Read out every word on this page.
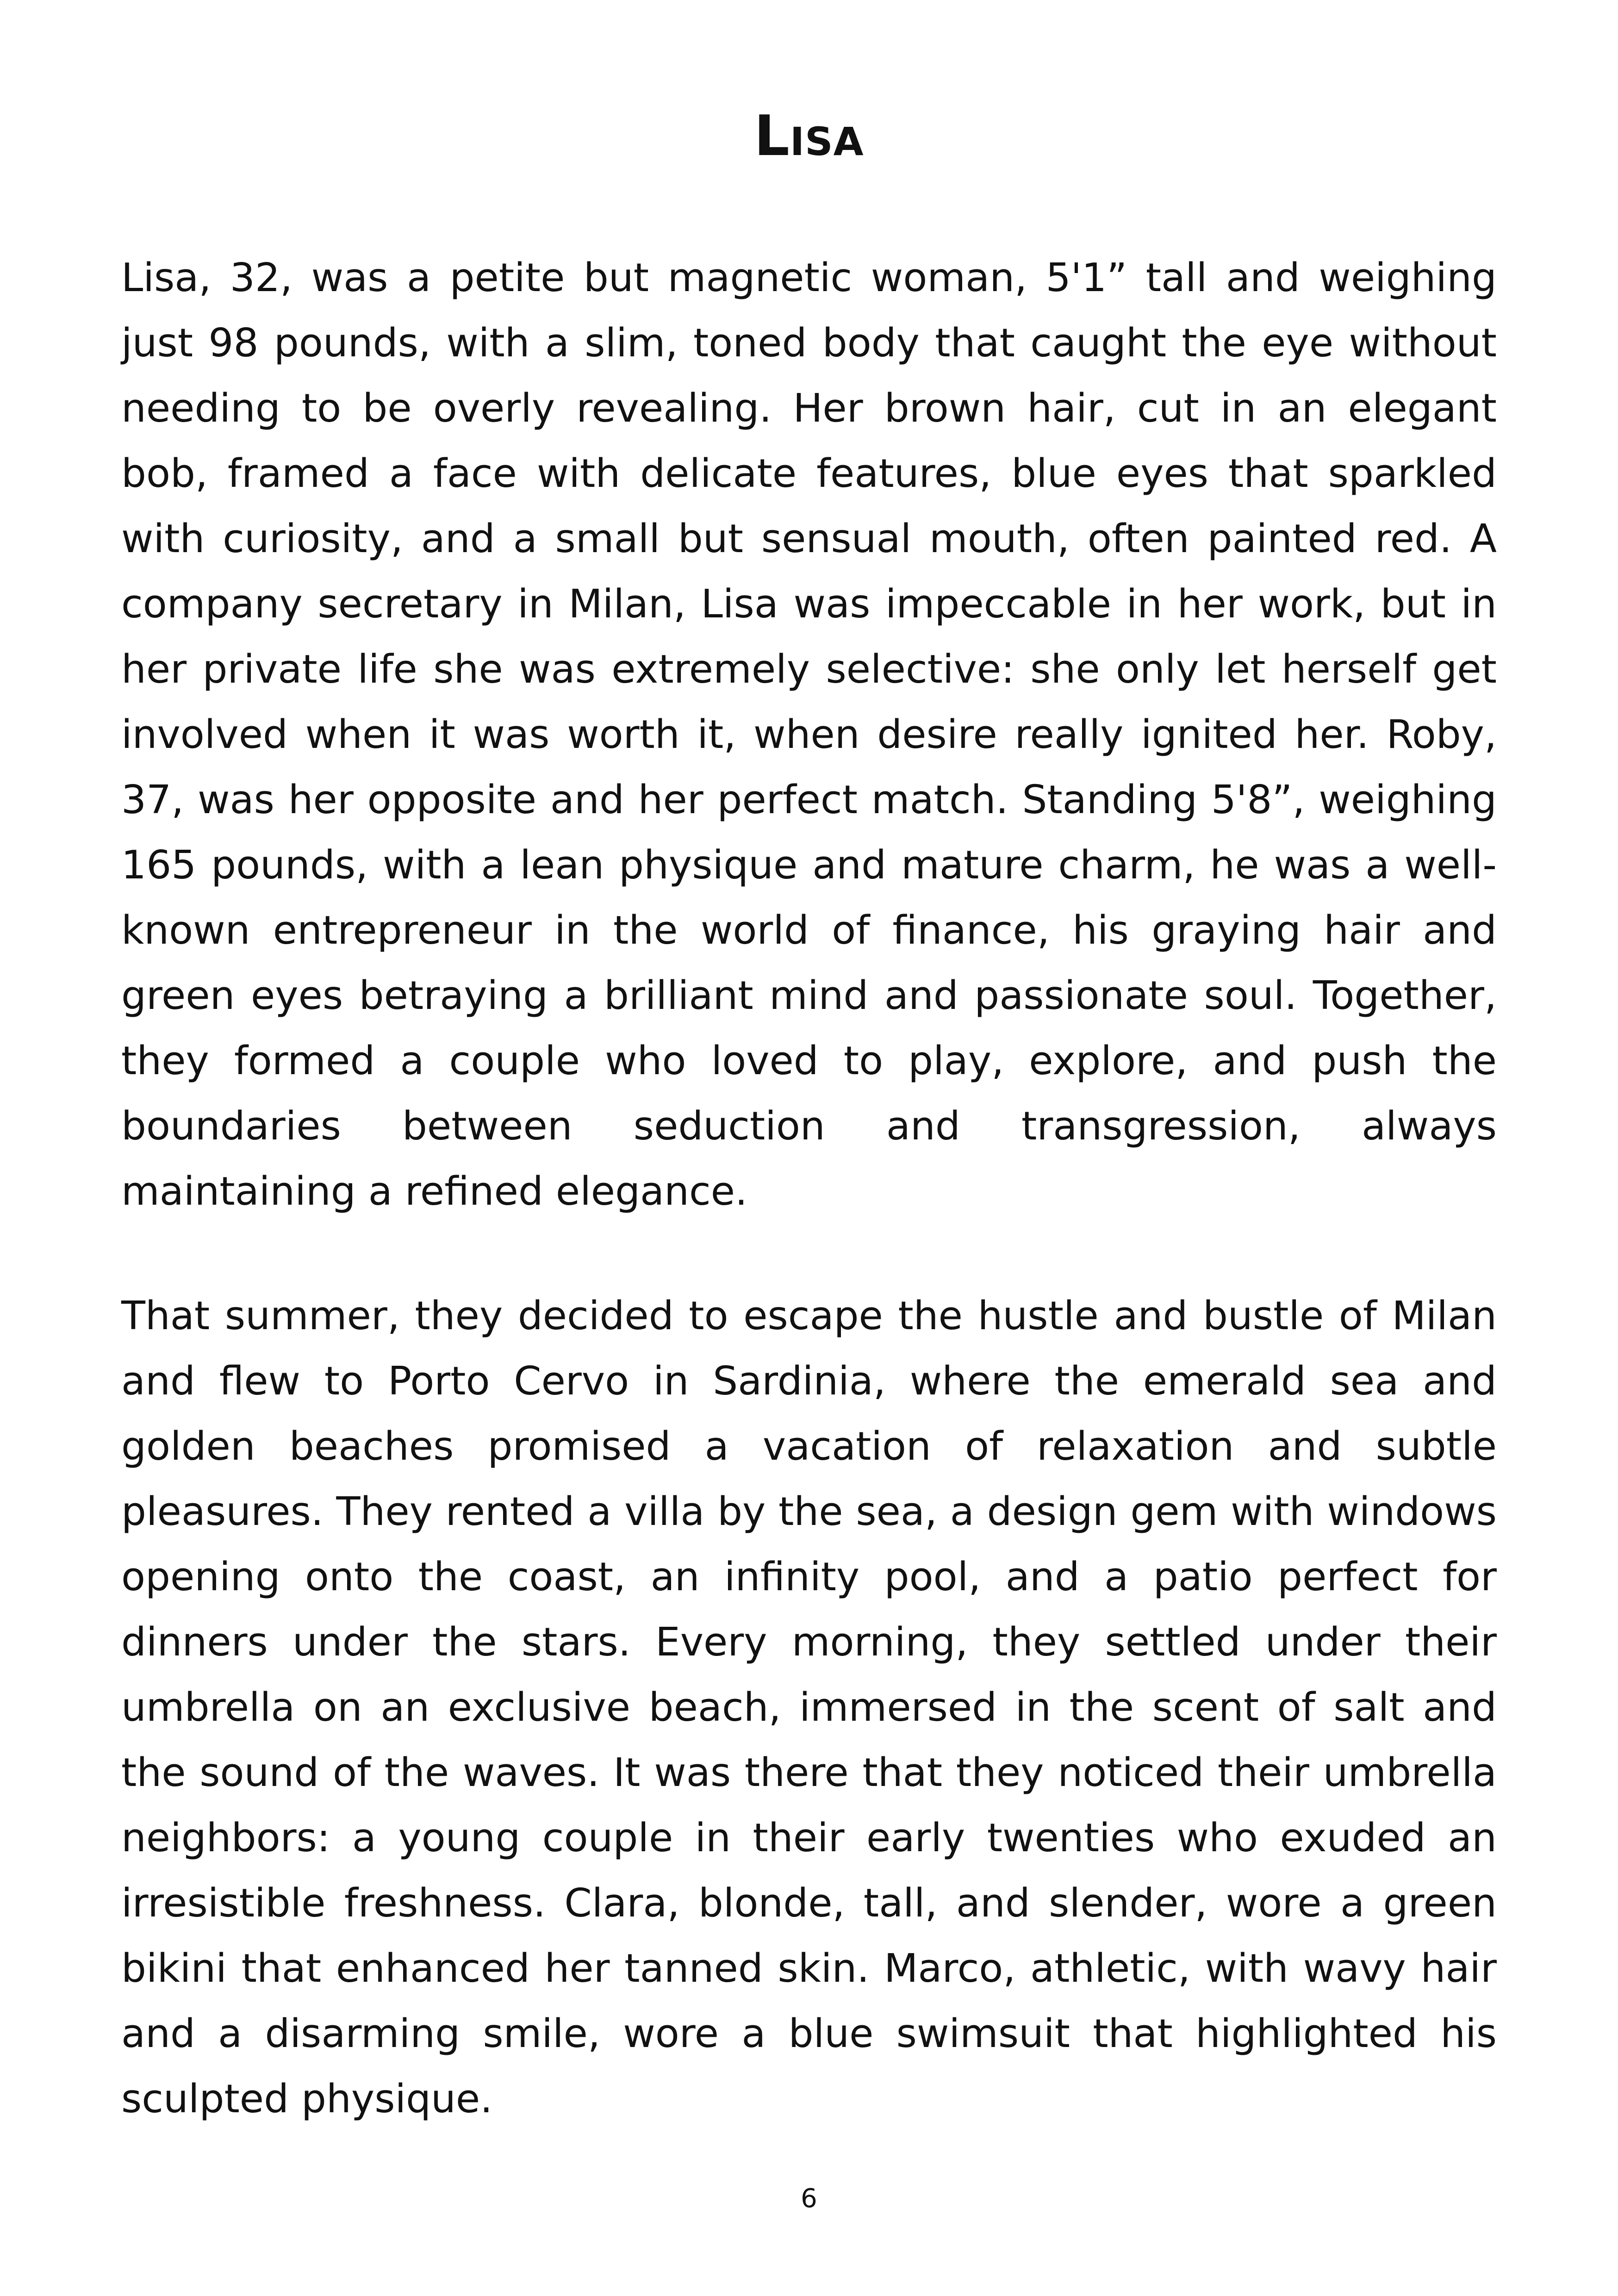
Lisa

Lisa, 32, was a petite but magnetic woman, 5'1” tall and weighing just 98 pounds, with a slim, toned body that caught the eye without needing to be overly revealing. Her brown hair, cut in an elegant bob, framed a face with delicate features, blue eyes that sparkled with curiosity, and a small but sensual mouth, often painted red. A company secretary in Milan, Lisa was impeccable in her work, but in her private life she was extremely selective: she only let herself get involved when it was worth it, when desire really ignited her. Roby, 37, was her opposite and her perfect match. Standing 5'8”, weighing 165 pounds, with a lean physique and mature charm, he was a well-known entrepreneur in the world of finance, his graying hair and green eyes betraying a brilliant mind and passionate soul. Together, they formed a couple who loved to play, explore, and push the boundaries between seduction and transgression, always maintaining a refined elegance.

That summer, they decided to escape the hustle and bustle of Milan and flew to Porto Cervo in Sardinia, where the emerald sea and golden beaches promised a vacation of relaxation and subtle pleasures. They rented a villa by the sea, a design gem with windows opening onto the coast, an infinity pool, and a patio perfect for dinners under the stars. Every morning, they settled under their umbrella on an exclusive beach, immersed in the scent of salt and the sound of the waves. It was there that they noticed their umbrella neighbors: a young couple in their early twenties who exuded an irresistible freshness. Clara, blonde, tall, and slender, wore a green bikini that enhanced her tanned skin. Marco, athletic, with wavy hair and a disarming smile, wore a blue swimsuit that highlighted his sculpted physique.

6
